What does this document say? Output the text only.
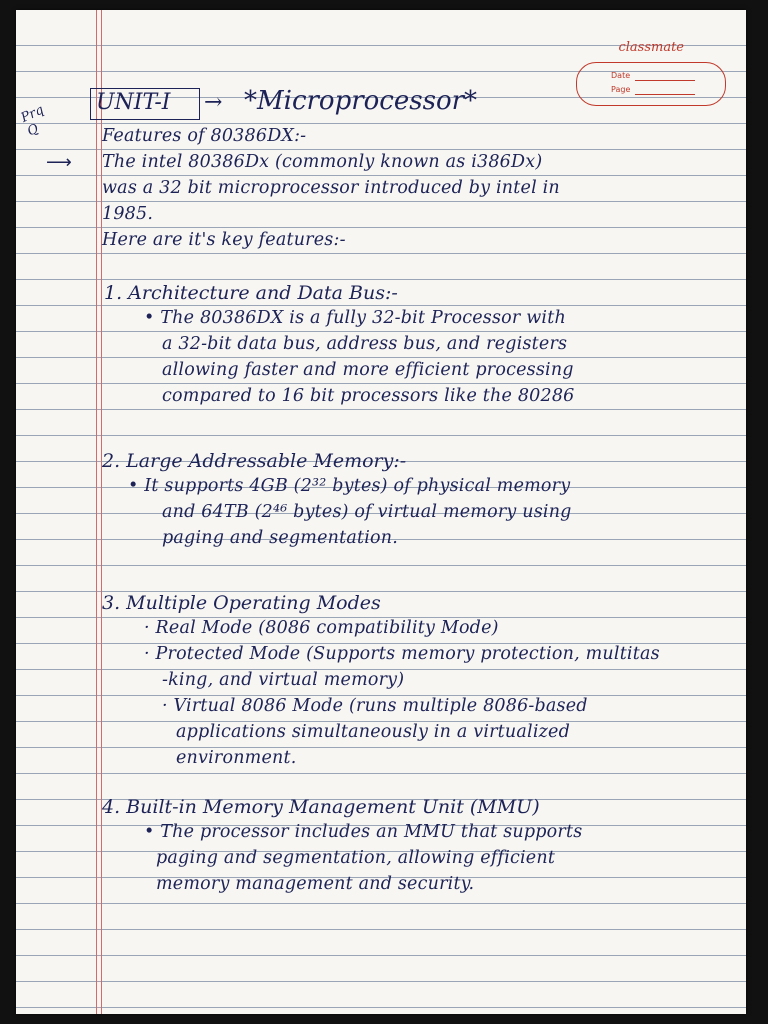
classmate
Date
Page
Prq
Q
UNIT-I → *Microprocessor*
Features of 80386DX:-
⟶ The intel 80386Dx (commonly known as i386Dx)
was a 32 bit microprocessor introduced by intel in
1985.
Here are it's key features:-
1. Architecture and Data Bus:-
• The 80386DX is a fully 32-bit Processor with
a 32-bit data bus, address bus, and registers
allowing faster and more efficient processing
compared to 16 bit processors like the 80286
2. Large Addressable Memory:-
• It supports 4GB (2³² bytes) of physical memory
and 64TB (2⁴⁶ bytes) of virtual memory using
paging and segmentation.
3. Multiple Operating Modes
· Real Mode (8086 compatibility Mode)
· Protected Mode (Supports memory protection, multitas
-king, and virtual memory)
· Virtual 8086 Mode (runs multiple 8086-based
applications simultaneously in a virtualized
environment.
4. Built-in Memory Management Unit (MMU)
• The processor includes an MMU that supports
paging and segmentation, allowing efficient
memory management and security.
